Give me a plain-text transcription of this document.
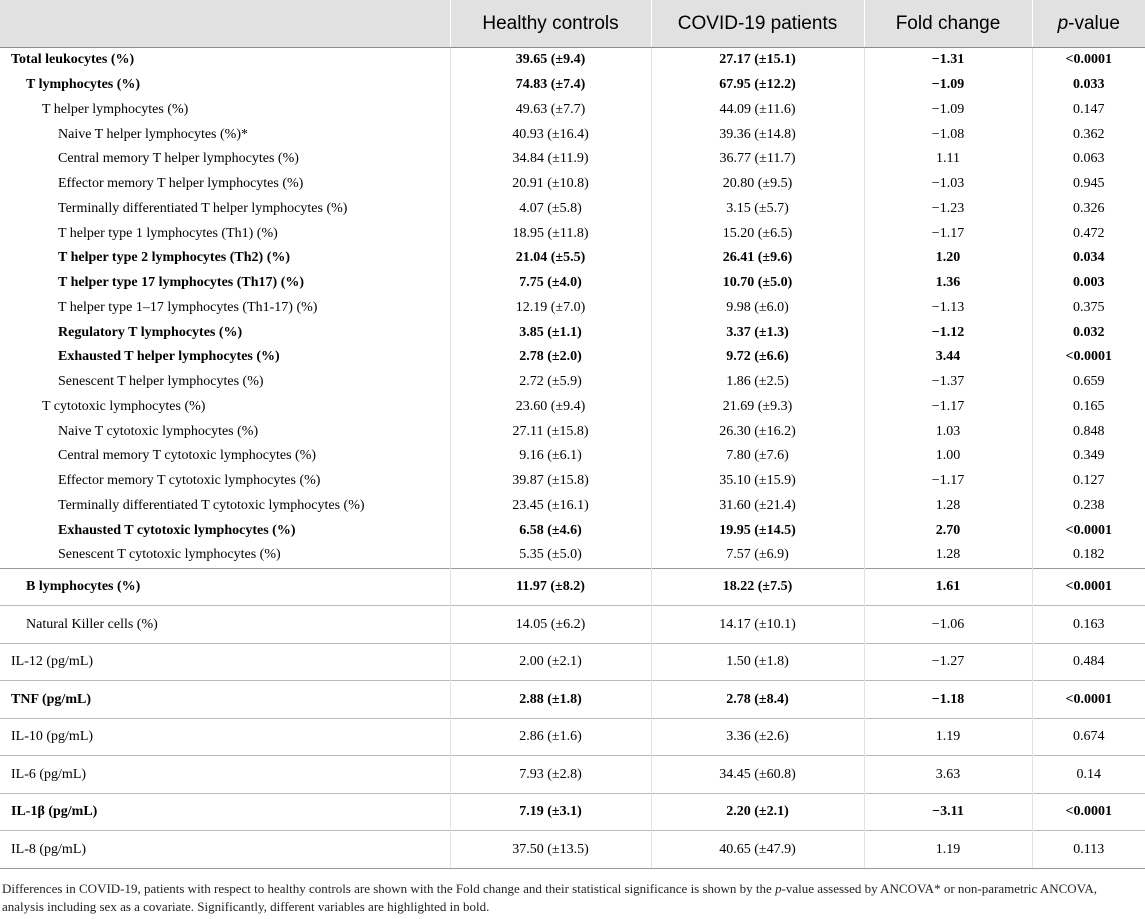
	Healthy controls	COVID-19 patients	Fold change	p-value
Total leukocytes (%)	39.65 (±9.4)	27.17 (±15.1)	−1.31	<0.0001
T lymphocytes (%)	74.83 (±7.4)	67.95 (±12.2)	−1.09	0.033
T helper lymphocytes (%)	49.63 (±7.7)	44.09 (±11.6)	−1.09	0.147
Naive T helper lymphocytes (%)*	40.93 (±16.4)	39.36 (±14.8)	−1.08	0.362
Central memory T helper lymphocytes (%)	34.84 (±11.9)	36.77 (±11.7)	1.11	0.063
Effector memory T helper lymphocytes (%)	20.91 (±10.8)	20.80 (±9.5)	−1.03	0.945
Terminally differentiated T helper lymphocytes (%)	4.07 (±5.8)	3.15 (±5.7)	−1.23	0.326
T helper type 1 lymphocytes (Th1) (%)	18.95 (±11.8)	15.20 (±6.5)	−1.17	0.472
T helper type 2 lymphocytes (Th2) (%)	21.04 (±5.5)	26.41 (±9.6)	1.20	0.034
T helper type 17 lymphocytes (Th17) (%)	7.75 (±4.0)	10.70 (±5.0)	1.36	0.003
T helper type 1–17 lymphocytes (Th1-17) (%)	12.19 (±7.0)	9.98 (±6.0)	−1.13	0.375
Regulatory T lymphocytes (%)	3.85 (±1.1)	3.37 (±1.3)	−1.12	0.032
Exhausted T helper lymphocytes (%)	2.78 (±2.0)	9.72 (±6.6)	3.44	<0.0001
Senescent T helper lymphocytes (%)	2.72 (±5.9)	1.86 (±2.5)	−1.37	0.659
T cytotoxic lymphocytes (%)	23.60 (±9.4)	21.69 (±9.3)	−1.17	0.165
Naive T cytotoxic lymphocytes (%)	27.11 (±15.8)	26.30 (±16.2)	1.03	0.848
Central memory T cytotoxic lymphocytes (%)	9.16 (±6.1)	7.80 (±7.6)	1.00	0.349
Effector memory T cytotoxic lymphocytes (%)	39.87 (±15.8)	35.10 (±15.9)	−1.17	0.127
Terminally differentiated T cytotoxic lymphocytes (%)	23.45 (±16.1)	31.60 (±21.4)	1.28	0.238
Exhausted T cytotoxic lymphocytes (%)	6.58 (±4.6)	19.95 (±14.5)	2.70	<0.0001
Senescent T cytotoxic lymphocytes (%)	5.35 (±5.0)	7.57 (±6.9)	1.28	0.182
B lymphocytes (%)	11.97 (±8.2)	18.22 (±7.5)	1.61	<0.0001
Natural Killer cells (%)	14.05 (±6.2)	14.17 (±10.1)	−1.06	0.163
IL-12 (pg/mL)	2.00 (±2.1)	1.50 (±1.8)	−1.27	0.484
TNF (pg/mL)	2.88 (±1.8)	2.78 (±8.4)	−1.18	<0.0001
IL-10 (pg/mL)	2.86 (±1.6)	3.36 (±2.6)	1.19	0.674
IL-6 (pg/mL)	7.93 (±2.8)	34.45 (±60.8)	3.63	0.14
IL-1β (pg/mL)	7.19 (±3.1)	2.20 (±2.1)	−3.11	<0.0001
IL-8 (pg/mL)	37.50 (±13.5)	40.65 (±47.9)	1.19	0.113
Differences in COVID-19, patients with respect to healthy controls are shown with the Fold change and their statistical significance is shown by the p-value assessed by ANCOVA* or non-parametric ANCOVA, analysis including sex as a covariate. Significantly, different variables are highlighted in bold.
